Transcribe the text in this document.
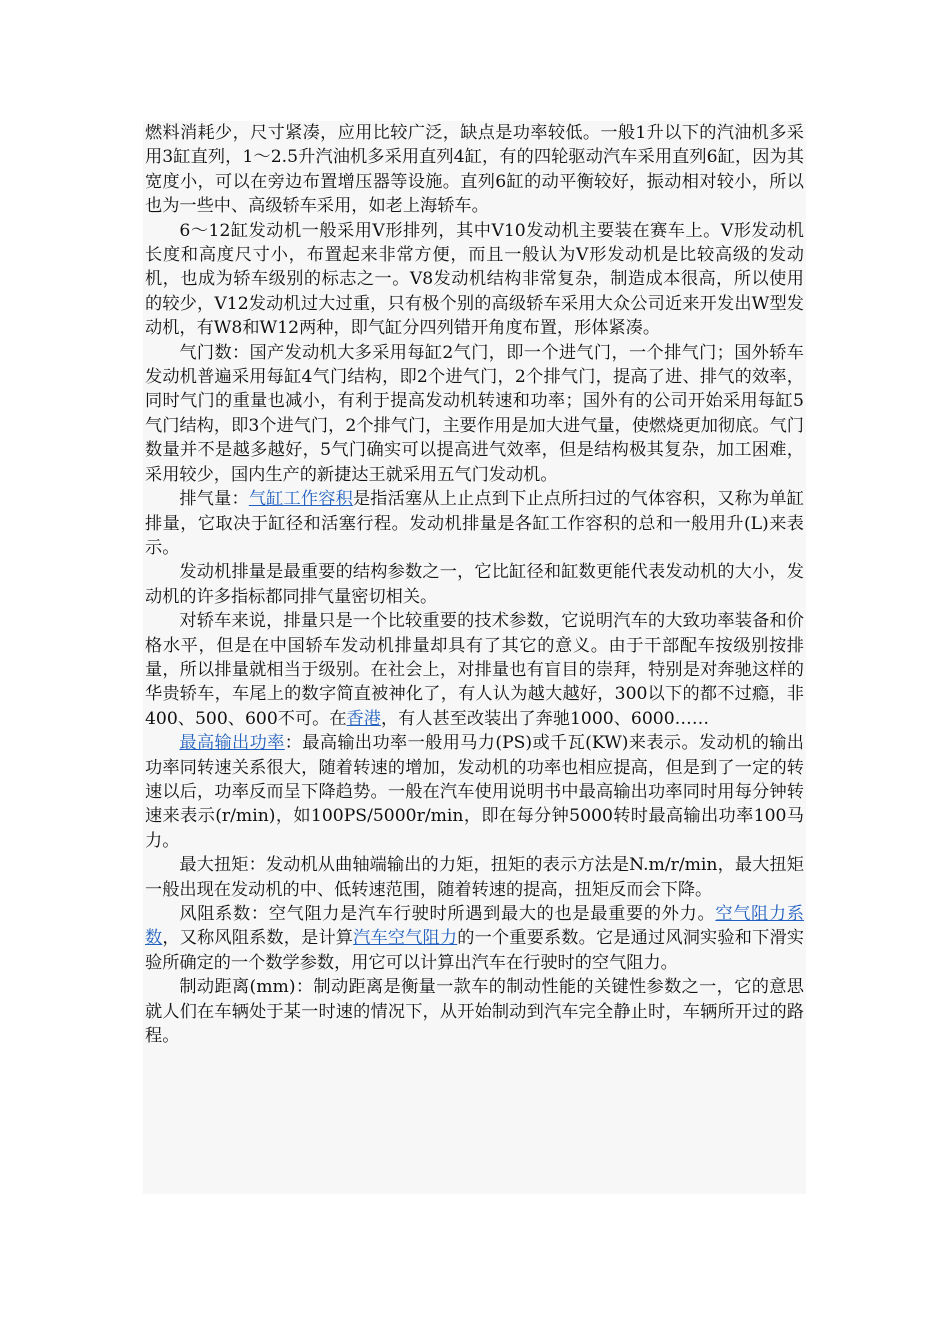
燃料消耗少，尺寸紧凑，应用比较广泛，缺点是功率较低。一般1升以下的汽油机多采用3缸直列，1～2.5升汽油机多采用直列4缸，有的四轮驱动汽车采用直列6缸，因为其宽度小，可以在旁边布置增压器等设施。直列6缸的动平衡较好，振动相对较小，所以也为一些中、高级轿车采用，如老上海轿车。

6～12缸发动机一般采用V形排列，其中V10发动机主要装在赛车上。V形发动机长度和高度尺寸小，布置起来非常方便，而且一般认为V形发动机是比较高级的发动机，也成为轿车级别的标志之一。V8发动机结构非常复杂，制造成本很高，所以使用的较少，V12发动机过大过重，只有极个别的高级轿车采用大众公司近来开发出W型发动机，有W8和W12两种，即气缸分四列错开角度布置，形体紧凑。

气门数：国产发动机大多采用每缸2气门，即一个进气门，一个排气门；国外轿车发动机普遍采用每缸4气门结构，即2个进气门，2个排气门，提高了进、排气的效率，同时气门的重量也减小，有利于提高发动机转速和功率；国外有的公司开始采用每缸5气门结构，即3个进气门，2个排气门，主要作用是加大进气量，使燃烧更加彻底。气门数量并不是越多越好，5气门确实可以提高进气效率，但是结构极其复杂，加工困难，采用较少，国内生产的新捷达王就采用五气门发动机。

排气量：气缸工作容积是指活塞从上止点到下止点所扫过的气体容积，又称为单缸排量，它取决于缸径和活塞行程。发动机排量是各缸工作容积的总和一般用升(L)来表示。

发动机排量是最重要的结构参数之一，它比缸径和缸数更能代表发动机的大小，发动机的许多指标都同排气量密切相关。

对轿车来说，排量只是一个比较重要的技术参数，它说明汽车的大致功率装备和价格水平，但是在中国轿车发动机排量却具有了其它的意义。由于干部配车按级别按排量，所以排量就相当于级别。在社会上，对排量也有盲目的崇拜，特别是对奔驰这样的华贵轿车，车尾上的数字简直被神化了，有人认为越大越好，300以下的都不过瘾，非400、500、600不可。在香港，有人甚至改装出了奔驰1000、6000……

最高输出功率：最高输出功率一般用马力(PS)或千瓦(KW)来表示。发动机的输出功率同转速关系很大，随着转速的增加，发动机的功率也相应提高，但是到了一定的转速以后，功率反而呈下降趋势。一般在汽车使用说明书中最高输出功率同时用每分钟转速来表示(r/min)，如100PS/5000r/min，即在每分钟5000转时最高输出功率100马力。

最大扭矩：发动机从曲轴端输出的力矩，扭矩的表示方法是N.m/r/min，最大扭矩一般出现在发动机的中、低转速范围，随着转速的提高，扭矩反而会下降。

风阻系数：空气阻力是汽车行驶时所遇到最大的也是最重要的外力。空气阻力系数，又称风阻系数，是计算汽车空气阻力的一个重要系数。它是通过风洞实验和下滑实验所确定的一个数学参数，用它可以计算出汽车在行驶时的空气阻力。

制动距离(mm)：制动距离是衡量一款车的制动性能的关键性参数之一，它的意思就人们在车辆处于某一时速的情况下，从开始制动到汽车完全静止时，车辆所开过的路程。
